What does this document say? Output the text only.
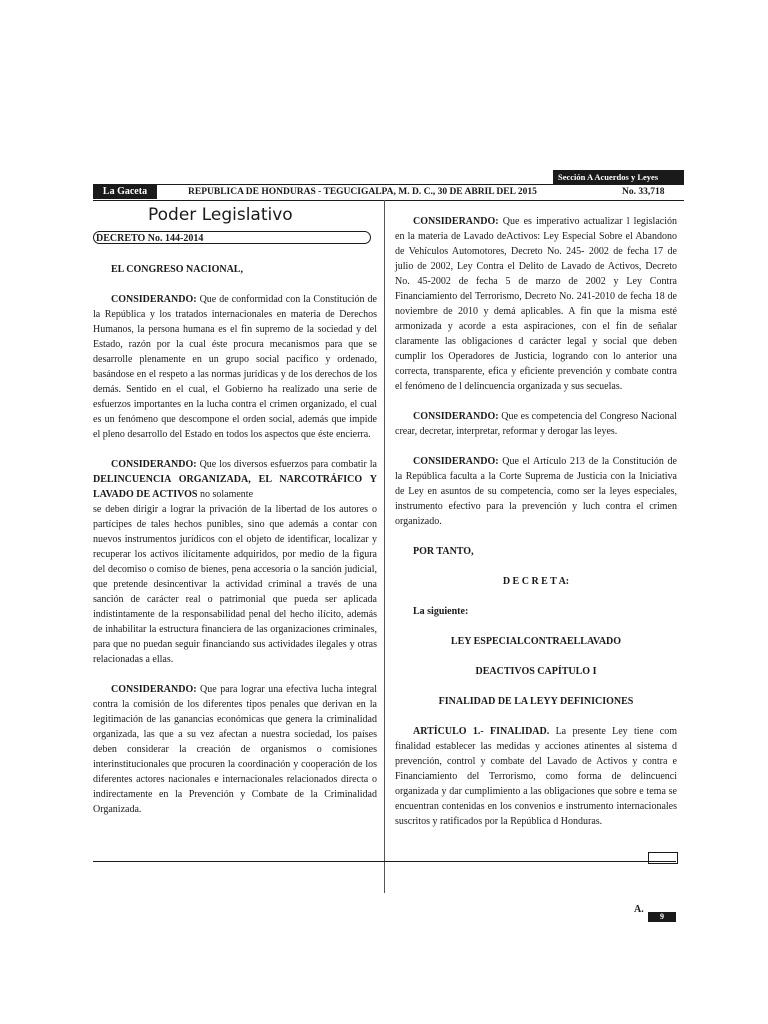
Sección A Acuerdos y Leyes
La Gaceta	REPUBLICA DE HONDURAS - TEGUCIGALPA, M. D. C., 30 DE ABRIL DEL 2015	No. 33,718
Poder Legislativo
DECRETO No. 144-2014

EL CONGRESO NACIONAL,

CONSIDERANDO: Que de conformidad con la Constitución de la República y los tratados internacionales en materia de Derechos Humanos, la persona humana es el fin supremo de la sociedad y del Estado, razón por la cual éste procura mecanismos para que se desarrolle plenamente en un grupo social pacífico y ordenado, basándose en el respeto a las normas jurídicas y de los derechos de los demás. Sentido en el cual, el Gobierno ha realizado una serie de esfuerzos importantes en la lucha contra el crimen organizado, el cual es un fenómeno que descompone el orden social, además que impide el pleno desarrollo del Estado en todos los aspectos que éste encierra.

CONSIDERANDO: Que los diversos esfuerzos para combatir la DELINCUENCIA ORGANIZADA, EL NARCOTRÁFICO Y LAVADO DE ACTIVOS no solamente

se deben dirigir a lograr la privación de la libertad de los autores o partícipes de tales hechos punibles, sino que además a contar con nuevos instrumentos jurídicos con el objeto de identificar, localizar y recuperar los activos ilícitamente adquiridos, por medio de la figura del decomiso o comiso de bienes, pena accesoria o la sanción judicial, que pretende desincentivar la actividad criminal a través de una sanción de carácter real o patrimonial que pueda ser aplicada indistintamente de la responsabilidad penal del hecho ilícito, además de inhabilitar la estructura financiera de las organizaciones criminales, para que no puedan seguir financiando sus actividades ilegales y otras relacionadas a ellas.

CONSIDERANDO: Que para lograr una efectiva lucha integral contra la comisión de los diferentes tipos penales que derivan en la legitimación de las ganancias económicas que genera la criminalidad organizada, las que a su vez afectan a nuestra sociedad, los países deben considerar la creación de organismos o comisiones interinstitucionales que procuren la coordinación y cooperación de los diferentes actores nacionales e internacionales relacionados directa o indirectamente en la Prevención y Combate de la Criminalidad Organizada.

CONSIDERANDO: Que es imperativo actualizar l legislación en la materia de Lavado deActivos: Ley Especial Sobre el Abandono de Vehículos Automotores, Decreto No. 245- 2002 de fecha 17 de julio de 2002, Ley Contra el Delito de Lavado de Activos, Decreto No. 45-2002 de fecha 5 de marzo de 2002 y Ley Contra Financiamiento del Terrorismo, Decreto No. 241-2010 de fecha 18 de noviembre de 2010 y demá aplicables. A fin que la misma esté armonizada y acorde a esta aspiraciones, con el fin de señalar claramente las obligaciones d carácter legal y social que deben cumplir los Operadores de Justicia, logrando con lo anterior una correcta, transparente, efica y eficiente prevención y combate contra el fenómeno de l delincuencia organizada y sus secuelas.

CONSIDERANDO: Que es competencia del Congreso Nacional crear, decretar, interpretar, reformar y derogar las leyes.

CONSIDERANDO: Que el Artículo 213 de la Constitución de la República faculta a la Corte Suprema de Justicia con la Iniciativa de Ley en asuntos de su competencia, como ser la leyes especiales, instrumento efectivo para la prevención y luch contra el crimen organizado.

POR TANTO,

D E C R E T A:

La siguiente:

LEY ESPECIALCONTRAELLAVADO

DEACTIVOS CAPÍTULO I

FINALIDAD DE LA LEYY DEFINICIONES

ARTÍCULO 1.- FINALIDAD. La presente Ley tiene com finalidad establecer las medidas y acciones atinentes al sistema d prevención, control y combate del Lavado de Activos y contra e Financiamiento del Terrorismo, como forma de delincuenci organizada y dar cumplimiento a las obligaciones que sobre e tema se encuentran contenidas en los convenios e instrumento internacionales suscritos y ratificados por la República d Honduras.

A.
9
